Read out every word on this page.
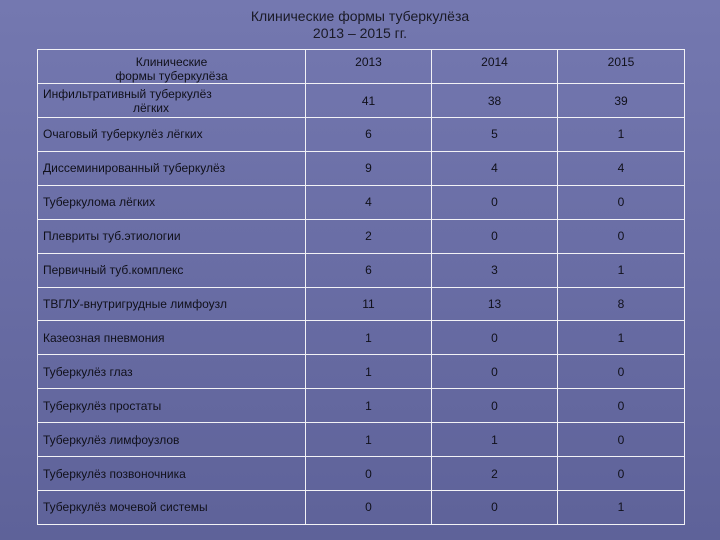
Клинические формы туберкулёза
2013 – 2015 гг.
Клинические
формы туберкулёза	2013	2014	2015

Инфильтративный туберкулёз
лёгких	41	38	39
Очаговый туберкулёз лёгких	6	5	1
Диссеминированный туберкулёз	9	4	4
Туберкулома лёгких	4	0	0
Плевриты туб.этиологии	2	0	0
Первичный туб.комплекс	6	3	1
ТВГЛУ-внутригрудные лимфоузл	11	13	8
Казеозная пневмония	1	0	1
Туберкулёз глаз	1	0	0
Туберкулёз простаты	1	0	0
Туберкулёз лимфоузлов	1	1	0
Туберкулёз позвоночника	0	2	0
Туберкулёз мочевой системы	0	0	1
